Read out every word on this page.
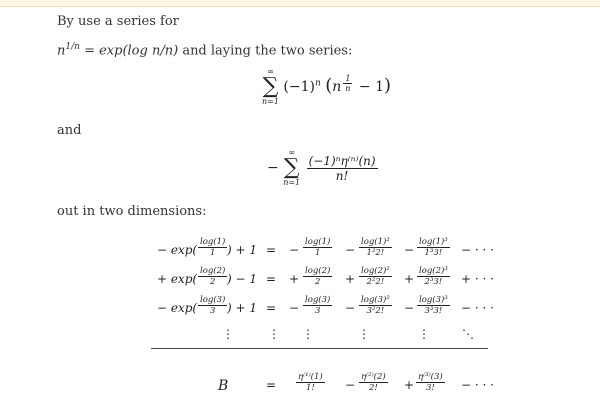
By use a series for
$n^{1/n} = \exp(\log$ n/n) and laying the two series:
∞
∑
n=1
$(-1)^n$ (n $^{\frac{1}{n}}$ − 1)
and
−
∞
∑
n=1
$\frac{\text{(−1)ⁿη⁽ⁿ⁾(n)}}{n!}$
out in two dimensions:
− $\exp( \frac{\log(1)}{1}$ ) + 1 = − $\frac{\log(1)}{1} - \frac{\text{log(1)²}}{\text{1²2!}} - \frac{\text{log(1)³}}{\text{1³3!}}$ − · · ·
+ $\exp( \frac{\log(2)}{2}$ ) − 1 = + $\frac{\log(2)}{2} + \frac{\text{log(2)²}}{\text{2²2!}} + \frac{\text{log(2)³}}{\text{2³3!}}$ + · · ·
− $\exp( \frac{\log(3)}{3}$ ) + 1 = − $\frac{\log(3)}{3} - \frac{\text{log(3)²}}{\text{3²2!}} - \frac{\text{log(3)³}}{\text{3³3!}}$ − · · ·
⋮	⋮ ⋮	⋮	⋮	⋱
B	= $\frac{\text{η⁽¹⁾(1)}}{1!} - \frac{\text{η⁽²⁾(2)}}{2!} + \frac{\text{η⁽³⁾(3)}}{3!}$ − · · ·
